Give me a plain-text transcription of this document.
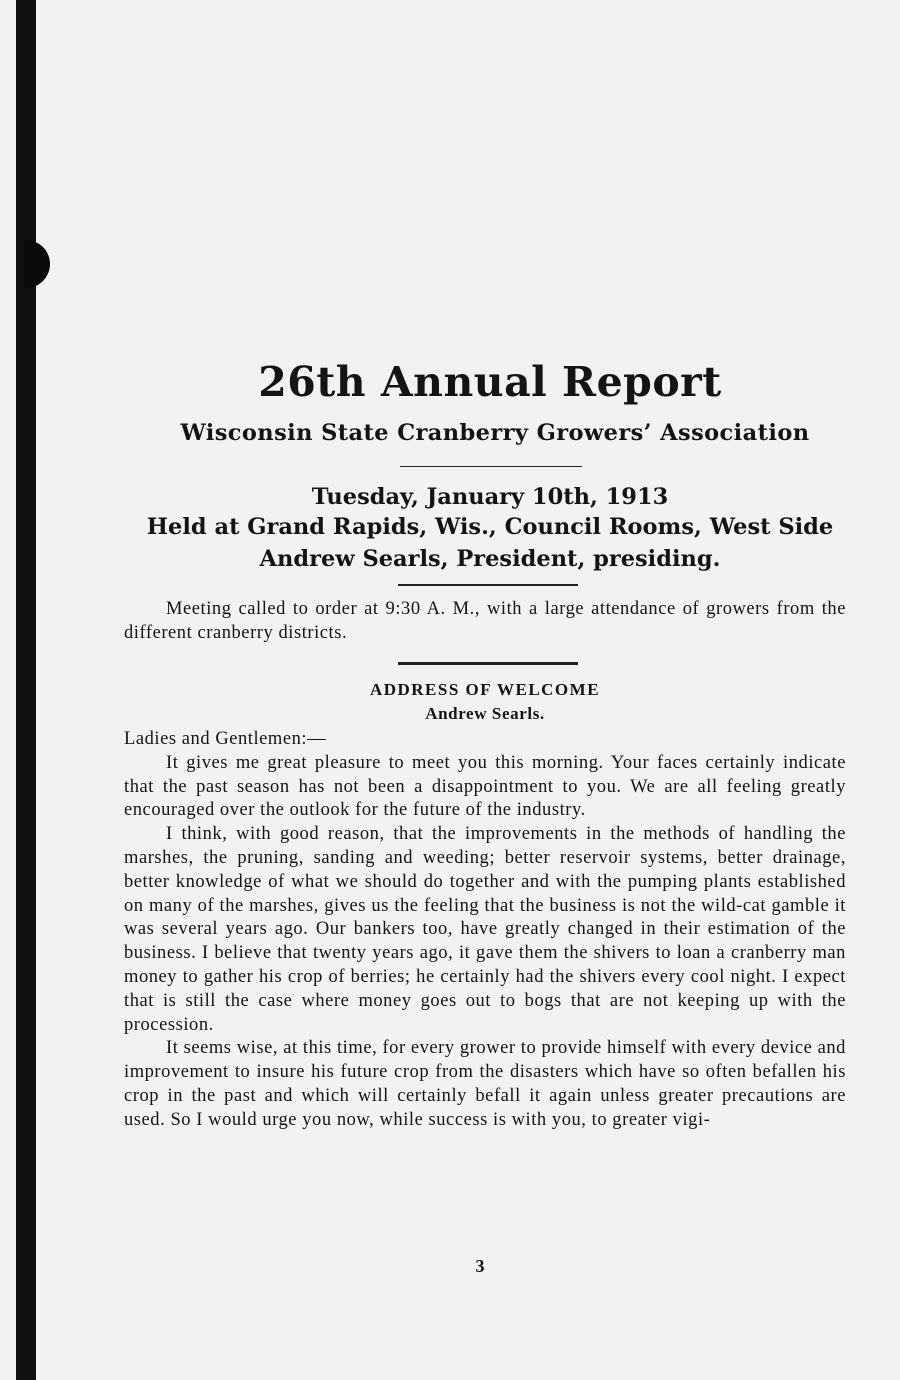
26th Annual Report
Wisconsin State Cranberry Growers’ Association
Tuesday, January 10th, 1913
Held at Grand Rapids, Wis., Council Rooms, West Side
Andrew Searls, President, presiding.

Meeting called to order at 9:30 A. M., with a large attendance of growers from the different cranberry districts.

ADDRESS OF WELCOME
Andrew Searls.

Ladies and Gentlemen:—

It gives me great pleasure to meet you this morning. Your faces certainly indicate that the past season has not been a disappointment to you. We are all feeling greatly encouraged over the outlook for the future of the industry.

I think, with good reason, that the improvements in the methods of handling the marshes, the pruning, sanding and weeding; better reservoir systems, better drainage, better knowledge of what we should do together and with the pumping plants established on many of the marshes, gives us the feeling that the business is not the wild-cat gamble it was several years ago. Our bankers too, have greatly changed in their estimation of the business. I believe that twenty years ago, it gave them the shivers to loan a cranberry man money to gather his crop of berries; he certainly had the shivers every cool night. I expect that is still the case where money goes out to bogs that are not keeping up with the procession.

It seems wise, at this time, for every grower to provide himself with every device and improvement to insure his future crop from the disasters which have so often befallen his crop in the past and which will certainly befall it again unless greater precautions are used. So I would urge you now, while success is with you, to greater vigi-

3
